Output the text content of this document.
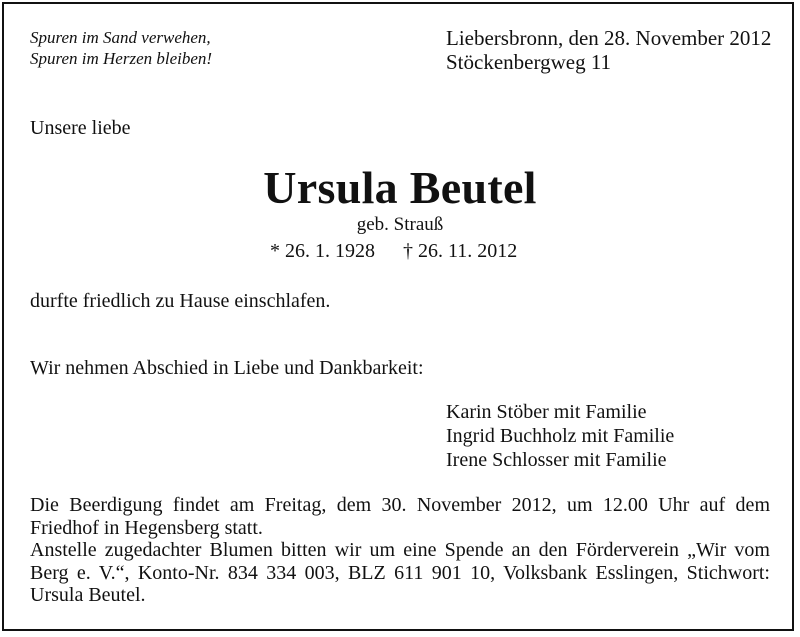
Spuren im Sand verwehen,
Spuren im Herzen bleiben!
Liebersbronn, den 28. November 2012
Stöckenbergweg 11
Unsere liebe
Ursula Beutel
geb. Strauß
* 26. 1. 1928 † 26. 11. 2012
durfte friedlich zu Hause einschlafen.
Wir nehmen Abschied in Liebe und Dankbarkeit:
Karin Stöber mit Familie
Ingrid Buchholz mit Familie
Irene Schlosser mit Familie

Die Beerdigung findet am Freitag, dem 30. November 2012, um 12.00 Uhr auf dem Friedhof in Hegensberg statt.

Anstelle zugedachter Blumen bitten wir um eine Spende an den Förderverein „Wir vom Berg e. V.“, Konto-Nr. 834 334 003, BLZ 611 901 10, Volksbank Esslingen, Stichwort: Ursula Beutel.
